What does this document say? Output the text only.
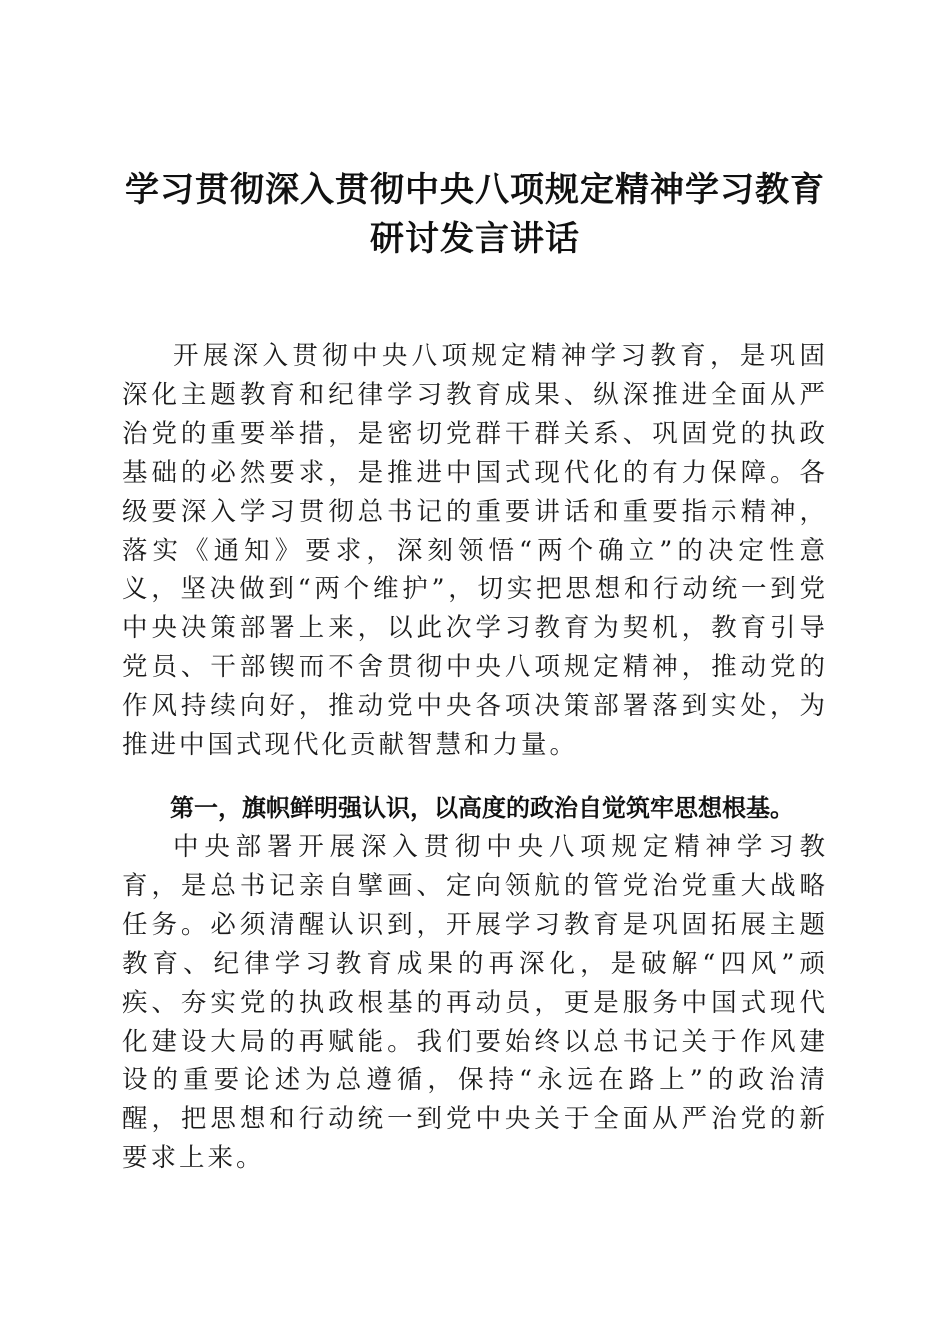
学习贯彻深入贯彻中央八项规定精神学习教育
研讨发言讲话

开展深入贯彻中央八项规定精神学习教育，是巩固深化主题教育和纪律学习教育成果、纵深推进全面从严治党的重要举措，是密切党群干群关系、巩固党的执政基础的必然要求，是推进中国式现代化的有力保障。各级要深入学习贯彻总书记的重要讲话和重要指示精神，落实《通知》要求，深刻领悟“两个确立”的决定性意义，坚决做到“两个维护”，切实把思想和行动统一到党中央决策部署上来，以此次学习教育为契机，教育引导党员、干部锲而不舍贯彻中央八项规定精神，推动党的作风持续向好，推动党中央各项决策部署落到实处，为推进中国式现代化贡献智慧和力量。

第一，旗帜鲜明强认识，以高度的政治自觉筑牢思想根基。

中央部署开展深入贯彻中央八项规定精神学习教育，是总书记亲自擘画、定向领航的管党治党重大战略任务。必须清醒认识到，开展学习教育是巩固拓展主题教育、纪律学习教育成果的再深化，是破解“四风”顽疾、夯实党的执政根基的再动员，更是服务中国式现代化建设大局的再赋能。我们要始终以总书记关于作风建设的重要论述为总遵循，保持“永远在路上”的政治清醒，把思想和行动统一到党中央关于全面从严治党的新要求上来。
